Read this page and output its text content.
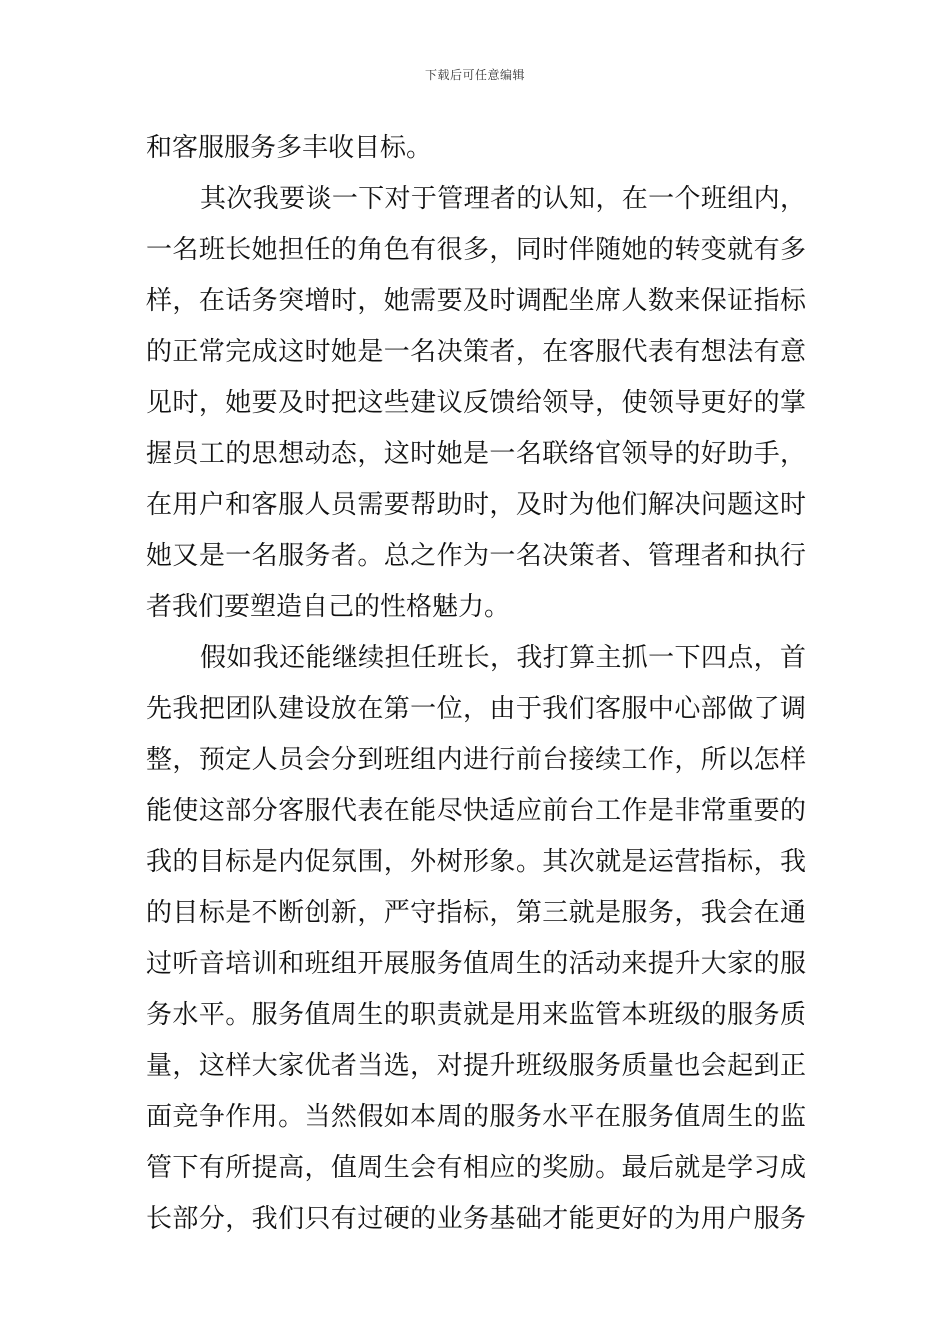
下载后可任意编辑
和客服服务多丰收目标。
其次我要谈一下对于管理者的认知，在一个班组内，
一名班长她担任的角色有很多，同时伴随她的转变就有多
样，在话务突增时，她需要及时调配坐席人数来保证指标
的正常完成这时她是一名决策者，在客服代表有想法有意
见时，她要及时把这些建议反馈给领导，使领导更好的掌
握员工的思想动态，这时她是一名联络官领导的好助手，
在用户和客服人员需要帮助时，及时为他们解决问题这时
她又是一名服务者。总之作为一名决策者、管理者和执行
者我们要塑造自己的性格魅力。
假如我还能继续担任班长，我打算主抓一下四点，首
先我把团队建设放在第一位，由于我们客服中心部做了调
整，预定人员会分到班组内进行前台接续工作，所以怎样
能使这部分客服代表在能尽快适应前台工作是非常重要的
我的目标是内促氛围，外树形象。其次就是运营指标，我
的目标是不断创新，严守指标，第三就是服务，我会在通
过听音培训和班组开展服务值周生的活动来提升大家的服
务水平。服务值周生的职责就是用来监管本班级的服务质
量，这样大家优者当选，对提升班级服务质量也会起到正
面竞争作用。当然假如本周的服务水平在服务值周生的监
管下有所提高，值周生会有相应的奖励。最后就是学习成
长部分，我们只有过硬的业务基础才能更好的为用户服务
